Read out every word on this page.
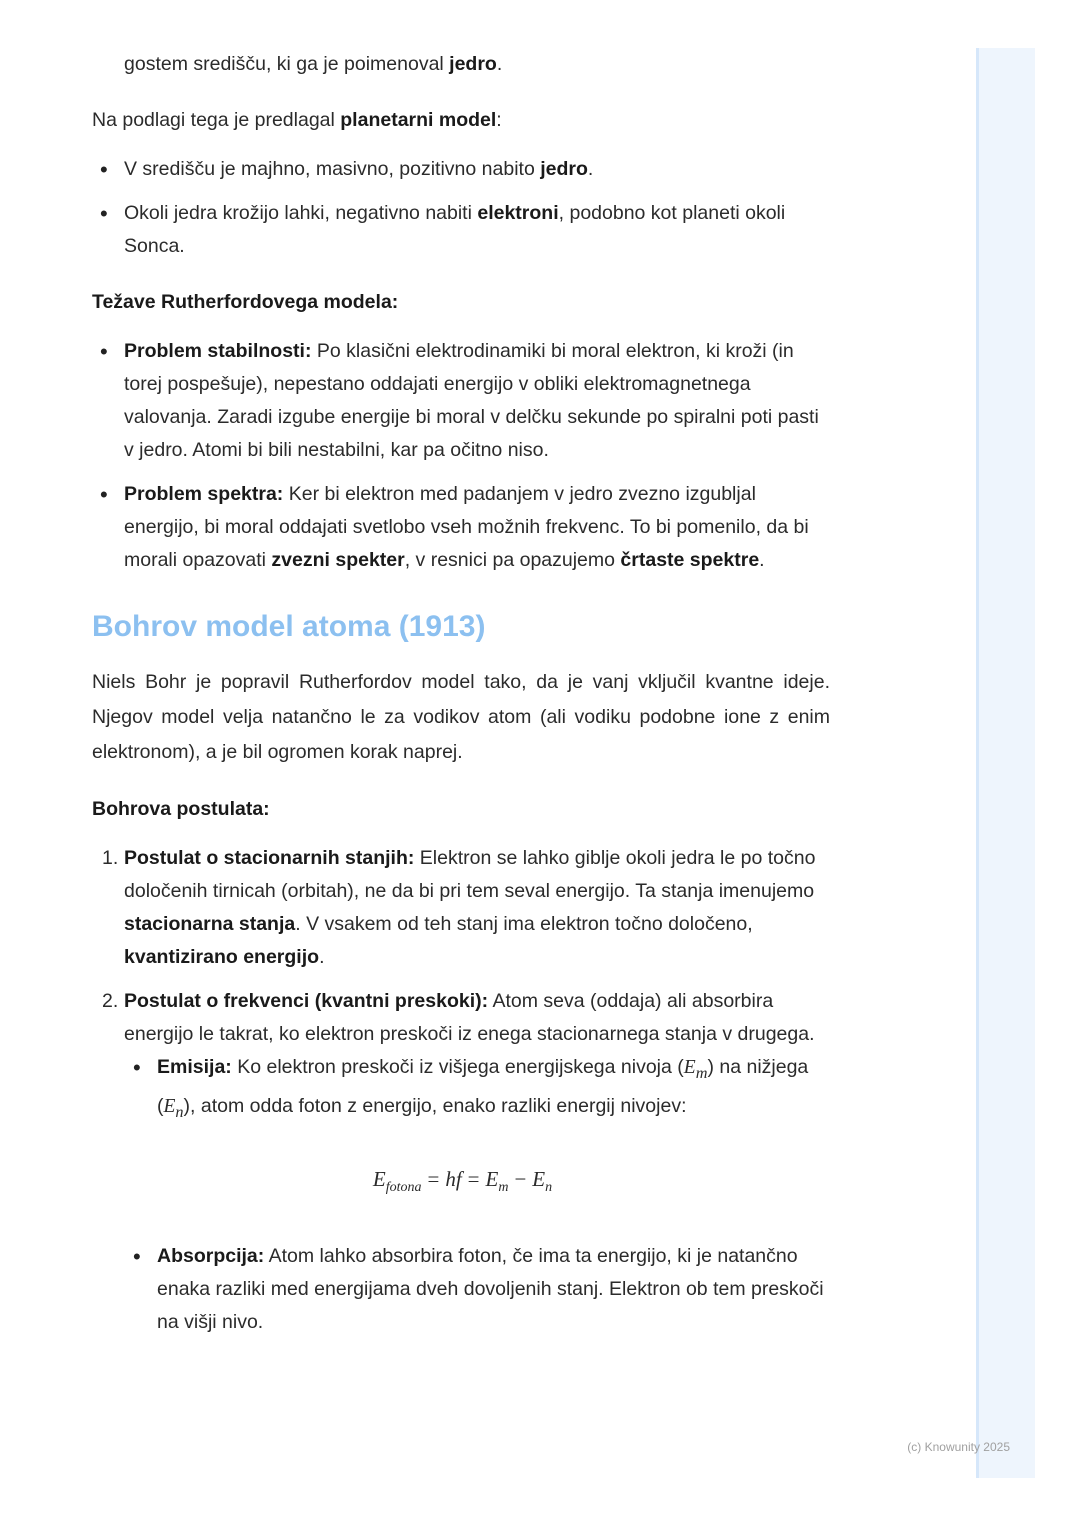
gostem središču, ki ga je poimenoval jedro.

Na podlagi tega je predlagal planetarni model:

• V središču je majhno, masivno, pozitivno nabito jedro.
• Okoli jedra krožijo lahki, negativno nabiti elektroni, podobno kot planeti okoli Sonca.

Težave Rutherfordovega modela:

• Problem stabilnosti: Po klasični elektrodinamiki bi moral elektron, ki kroži (in torej pospešuje), nepestano oddajati energijo v obliki elektromagnetnega valovanja. Zaradi izgube energije bi moral v delčku sekunde po spiralni poti pasti v jedro. Atomi bi bili nestabilni, kar pa očitno niso.
• Problem spektra: Ker bi elektron med padanjem v jedro zvezno izgubljal energijo, bi moral oddajati svetlobo vseh možnih frekvenc. To bi pomenilo, da bi morali opazovati zvezni spekter, v resnici pa opazujemo črtaste spektre.
Bohrov model atoma (1913)

Niels Bohr je popravil Rutherfordov model tako, da je vanj vključil kvantne ideje. Njegov model velja natančno le za vodikov atom (ali vodiku podobne ione z enim elektronom), a je bil ogromen korak naprej.

Bohrova postulata:

1. Postulat o stacionarnih stanjih: Elektron se lahko giblje okoli jedra le po točno določenih tirnicah (orbitah), ne da bi pri tem seval energijo. Ta stanja imenujemo stacionarna stanja. V vsakem od teh stanj ima elektron točno določeno, kvantizirano energijo.
2. Postulat o frekvenci (kvantni preskoki): Atom seva (oddaja) ali absorbira energijo le takrat, ko elektron preskoči iz enega stacionarnega stanja v drugega.
• Emisija: Ko elektron preskoči iz višjega energijskega nivoja $(E_m)$ na nižjega $(E_n)$, atom odda foton z energijo, enako razliki energij nivojev:
$E_{fotona}$ = hf = $E_m - E_n$
• Absorpcija: Atom lahko absorbira foton, če ima ta energijo, ki je natančno enaka razliki med energijama dveh dovoljenih stanj. Elektron ob tem preskoči na višji nivo.
(c) Knowunity 2025
